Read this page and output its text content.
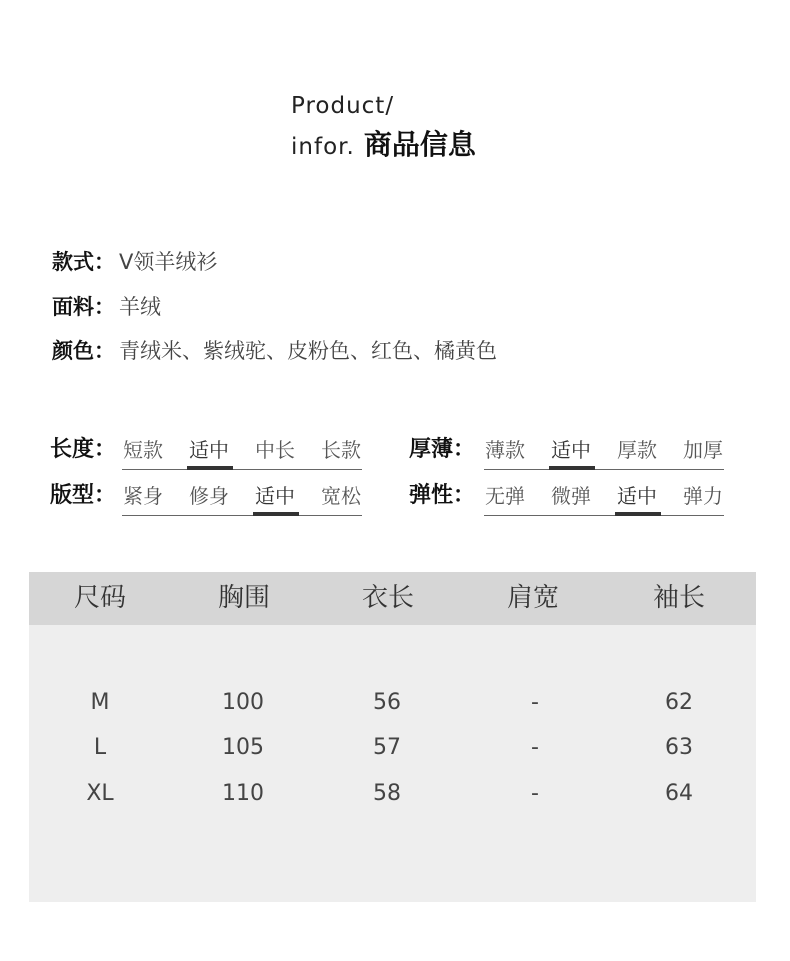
Product/
infor. 商品信息
款式： V领羊绒衫
面料： 羊绒
颜色： 青绒米、紫绒驼、皮粉色、红色、橘黄色
长度： 短款 适中 中长 长款 厚薄： 薄款 适中 厚款 加厚
版型： 紧身 修身 适中 宽松 弹性： 无弹 微弹 适中 弹力
尺码	胸围	衣长	肩宽	袖长
M	100	56	-	62
L	105	57	-	63
XL	110	58	-	64
